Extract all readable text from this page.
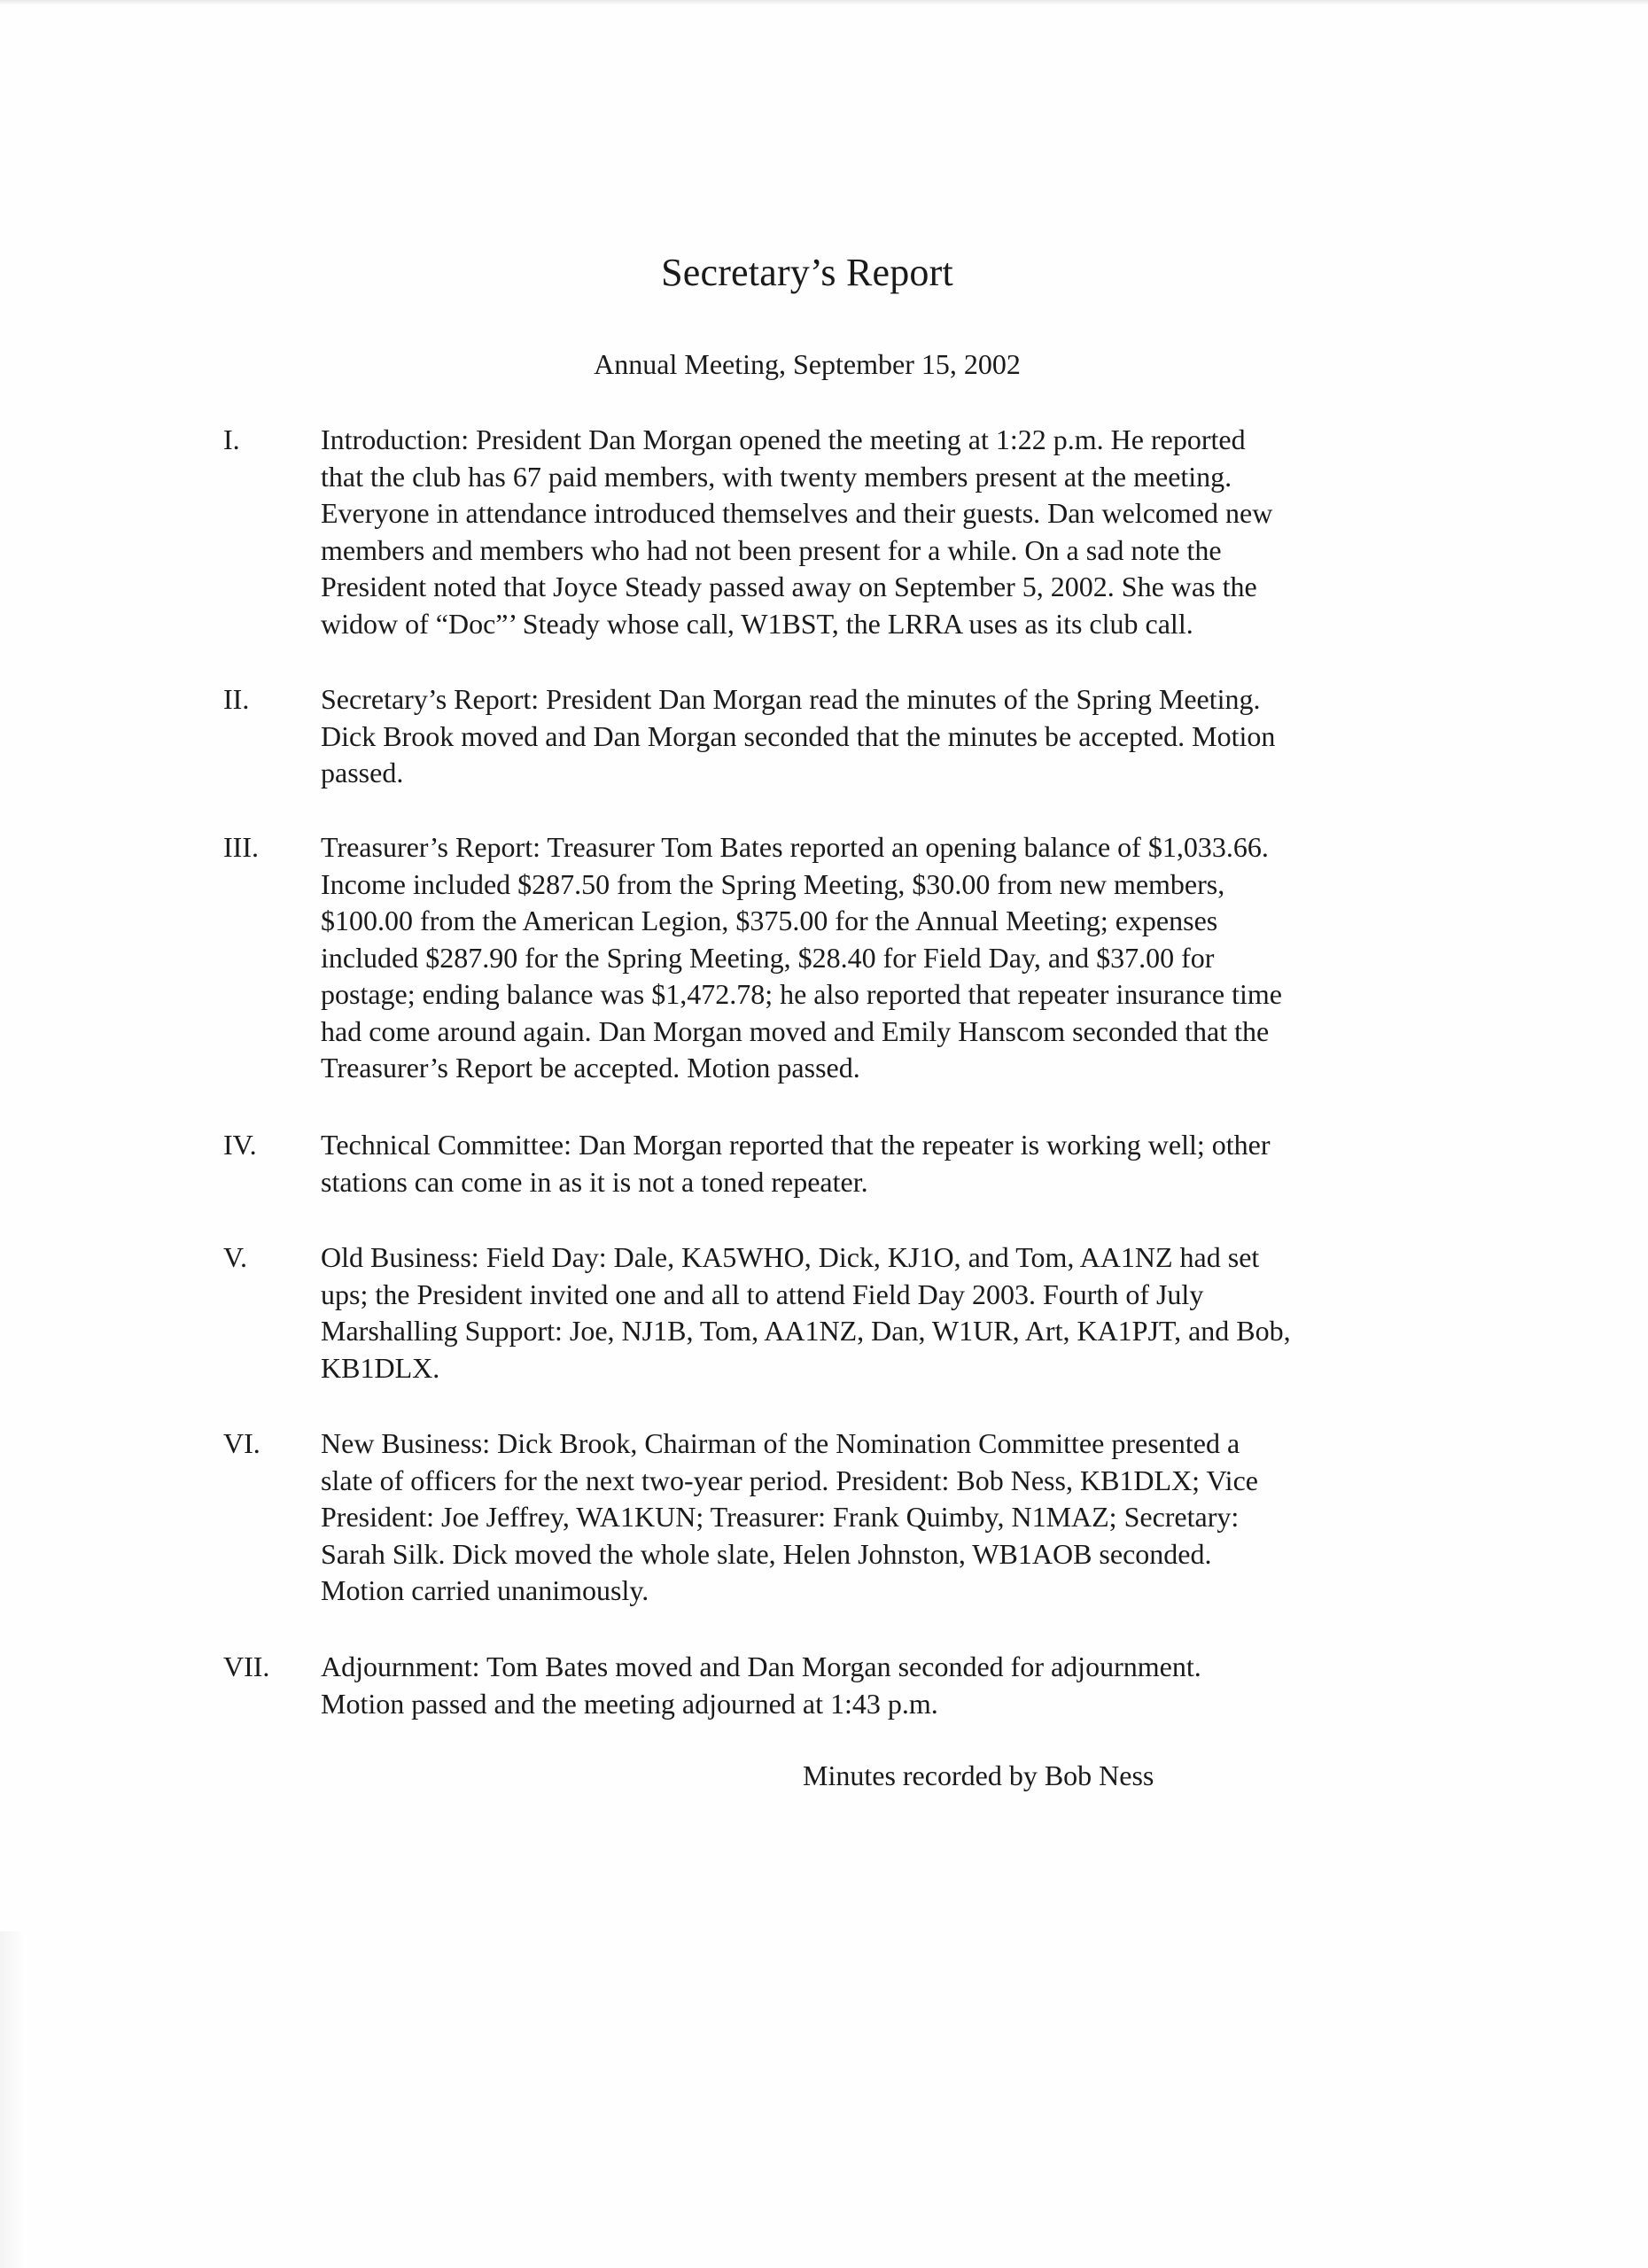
Secretary’s Report
Annual Meeting, September 15, 2002
I.	Introduction: President Dan Morgan opened the meeting at 1:22 p.m. He reported
that the club has 67 paid members, with twenty members present at the meeting.
Everyone in attendance introduced themselves and their guests. Dan welcomed new
members and members who had not been present for a while. On a sad note the
President noted that Joyce Steady passed away on September 5, 2002. She was the
widow of “Doc”’ Steady whose call, W1BST, the LRRA uses as its club call.
II.	Secretary’s Report: President Dan Morgan read the minutes of the Spring Meeting.
Dick Brook moved and Dan Morgan seconded that the minutes be accepted. Motion
passed.
III. Treasurer’s Report: Treasurer Tom Bates reported an opening balance of $1,033.66.
Income included $287.50 from the Spring Meeting, $30.00 from new members,
$100.00 from the American Legion, $375.00 for the Annual Meeting; expenses
included $287.90 for the Spring Meeting, $28.40 for Field Day, and $37.00 for
postage; ending balance was $1,472.78; he also reported that repeater insurance time
had come around again. Dan Morgan moved and Emily Hanscom seconded that the
Treasurer’s Report be accepted. Motion passed.
IV. Technical Committee: Dan Morgan reported that the repeater is working well; other
stations can come in as it is not a toned repeater.
V.	Old Business: Field Day: Dale, KA5WHO, Dick, KJ1O, and Tom, AA1NZ had set
ups; the President invited one and all to attend Field Day 2003. Fourth of July
Marshalling Support: Joe, NJ1B, Tom, AA1NZ, Dan, W1UR, Art, KA1PJT, and Bob,
KB1DLX.
VI. New Business: Dick Brook, Chairman of the Nomination Committee presented a
slate of officers for the next two-year period. President: Bob Ness, KB1DLX; Vice
President: Joe Jeffrey, WA1KUN; Treasurer: Frank Quimby, N1MAZ; Secretary:
Sarah Silk. Dick moved the whole slate, Helen Johnston, WB1AOB seconded.
Motion carried unanimously.
VII. Adjournment: Tom Bates moved and Dan Morgan seconded for adjournment.
Motion passed and the meeting adjourned at 1:43 p.m.
Minutes recorded by Bob Ness
